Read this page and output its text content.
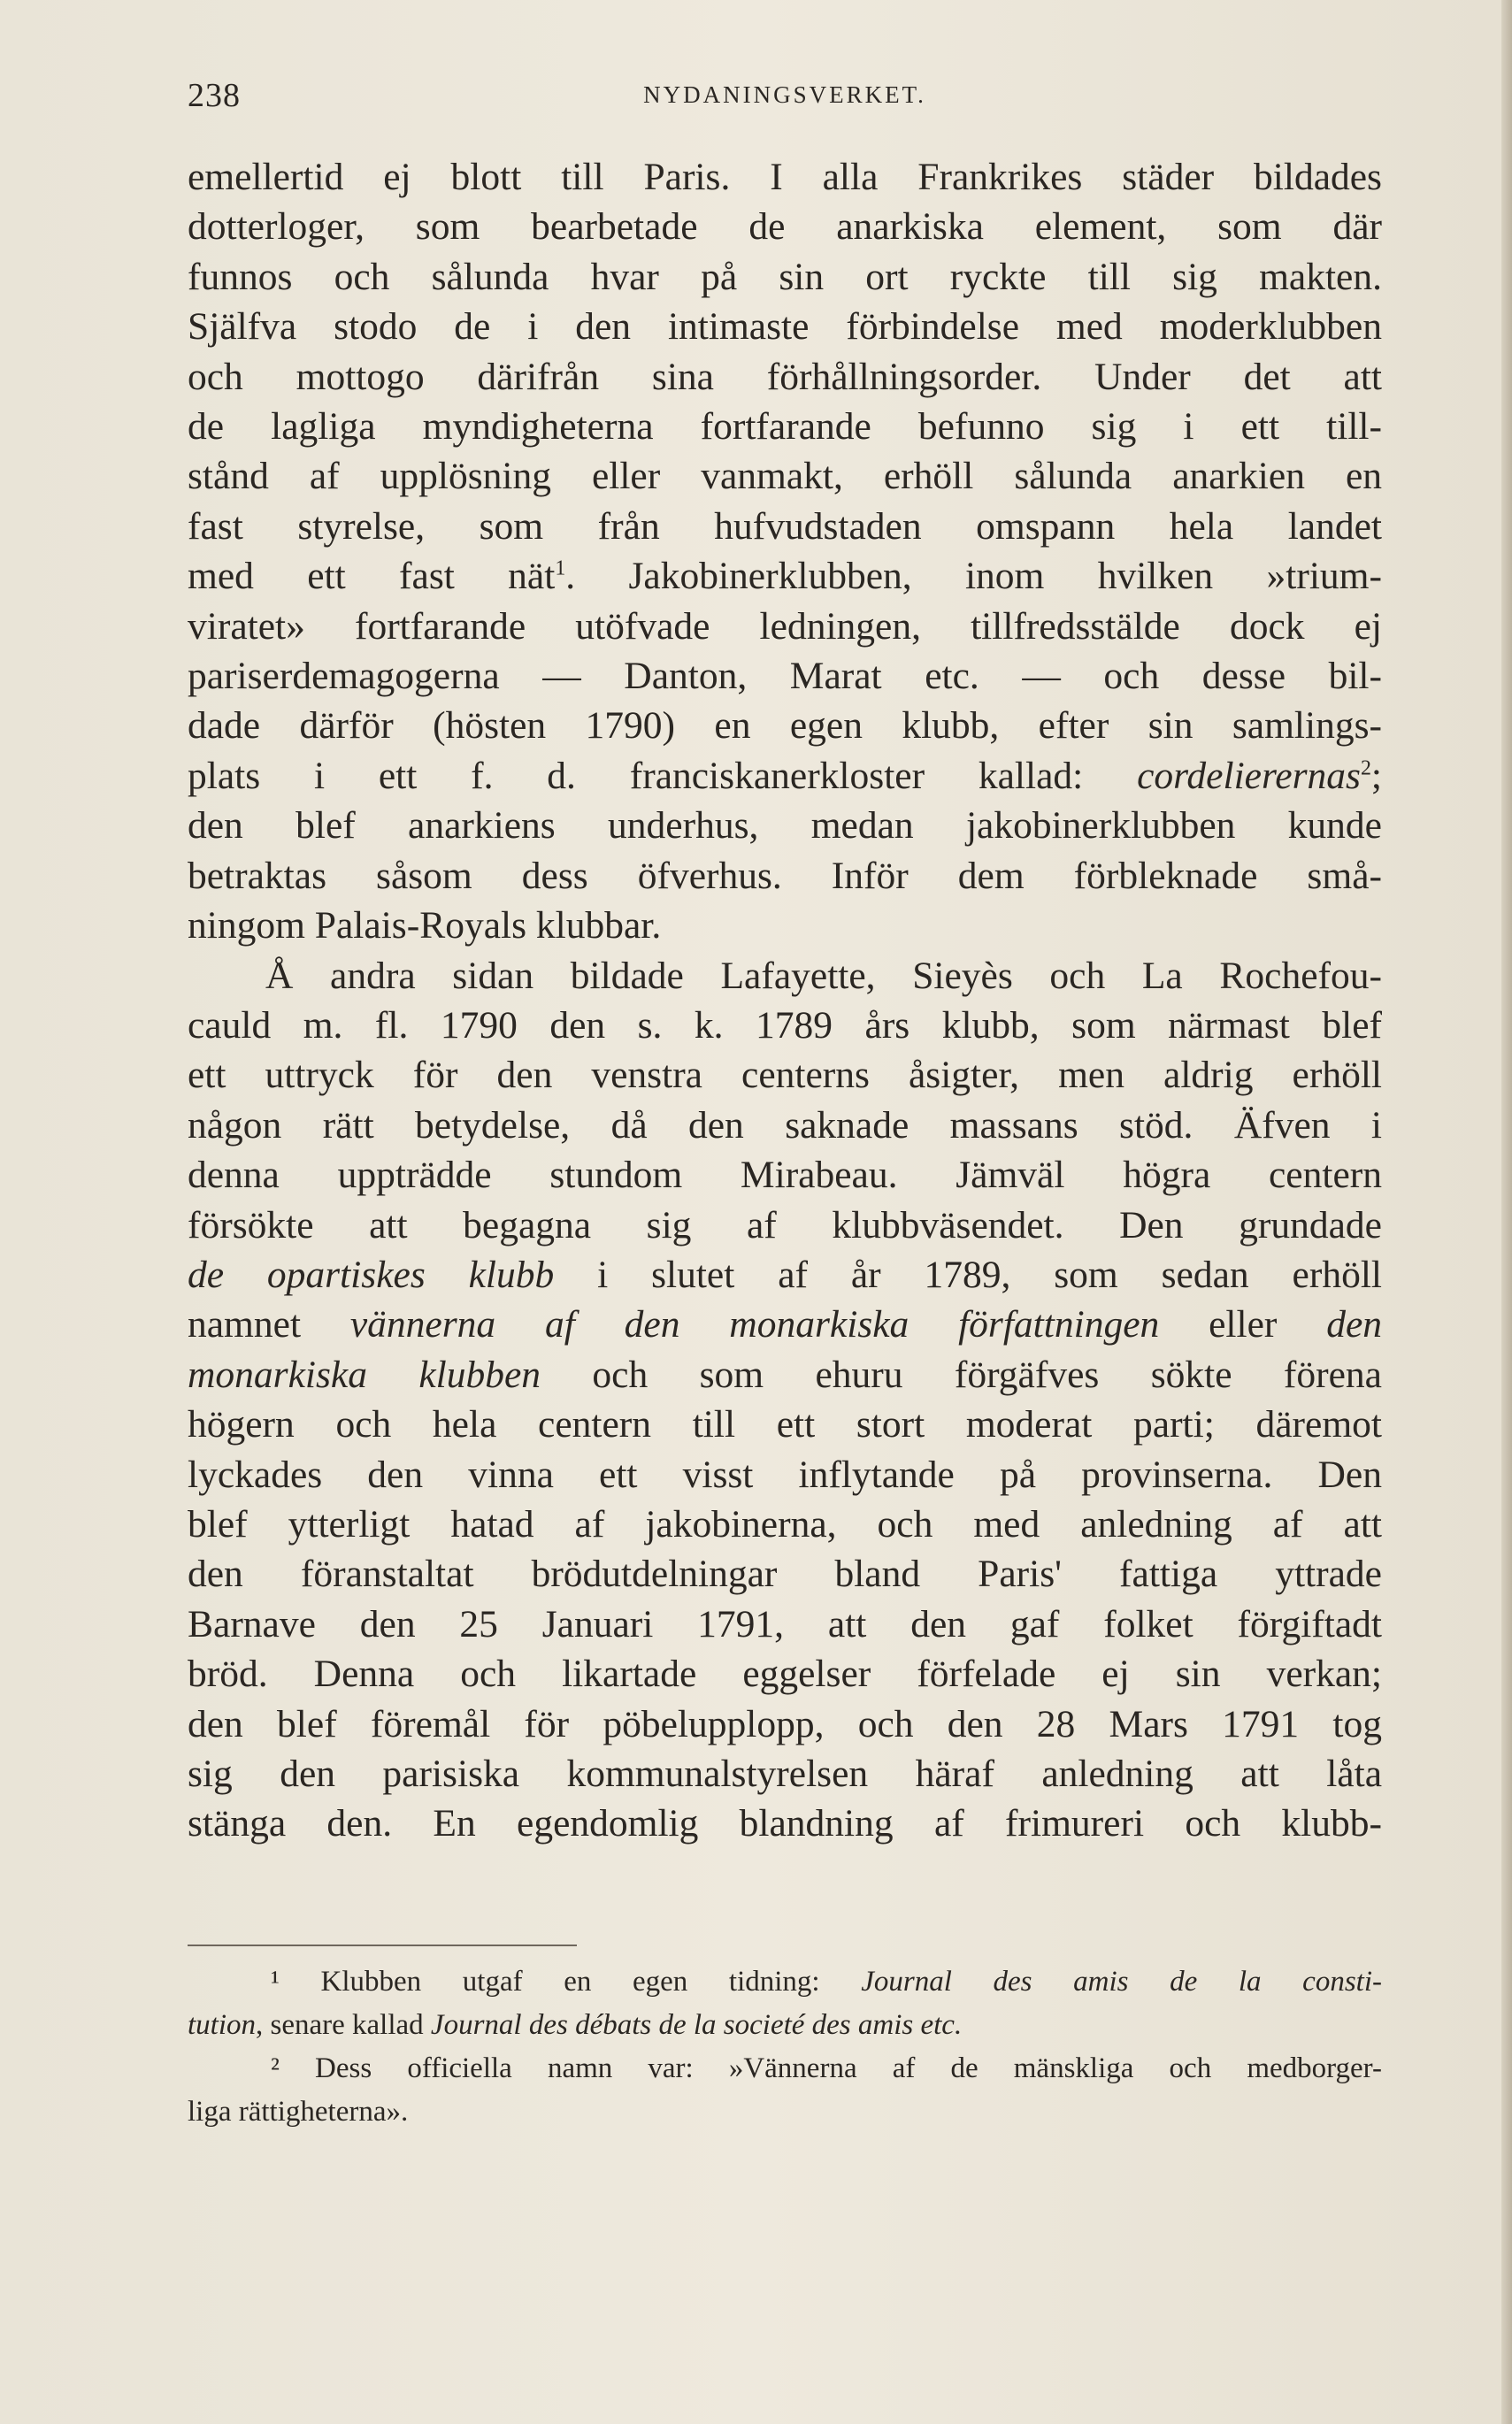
238	NYDANINGSVERKET.
emellertid ej blott till Paris. I alla Frankrikes städer bildades
dotterloger, som bearbetade de anarkiska element, som där
funnos och sålunda hvar på sin ort ryckte till sig makten.
Själfva stodo de i den intimaste förbindelse med moderklubben
och mottogo därifrån sina förhållningsorder. Under det att
de lagliga myndigheterna fortfarande befunno sig i ett till-
stånd af upplösning eller vanmakt, erhöll sålunda anarkien en
fast styrelse, som från hufvudstaden omspann hela landet
med ett fast nät$^1$. Jakobinerklubben, inom hvilken »trium-
viratet» fortfarande utöfvade ledningen, tillfredsstälde dock ej
pariserdemagogerna — Danton, Marat etc. — och desse bil-
dade därför (hösten 1790) en egen klubb, efter sin samlings-
plats i ett f. d. franciskanerkloster kallad: cordelierernas$^2$;
den blef anarkiens underhus, medan jakobinerklubben kunde
betraktas såsom dess öfverhus. Inför dem förbleknade små-
ningom Palais-Royals klubbar.
Å andra sidan bildade Lafayette, Sieyès och La Rochefou-
cauld m. fl. 1790 den s. k. 1789 års klubb, som närmast blef
ett uttryck för den venstra centerns åsigter, men aldrig erhöll
någon rätt betydelse, då den saknade massans stöd. Äfven i
denna uppträdde stundom Mirabeau. Jämväl högra centern
försökte att begagna sig af klubbväsendet. Den grundade
de opartiskes klubb i slutet af år 1789, som sedan erhöll
namnet vännerna af den monarkiska författningen eller den
monarkiska klubben och som ehuru förgäfves sökte förena
högern och hela centern till ett stort moderat parti; däremot
lyckades den vinna ett visst inflytande på provinserna. Den
blef ytterligt hatad af jakobinerna, och med anledning af att
den föranstaltat brödutdelningar bland Paris' fattiga yttrade
Barnave den 25 Januari 1791, att den gaf folket förgiftadt
bröd. Denna och likartade eggelser förfelade ej sin verkan;
den blef föremål för pöbelupplopp, och den 28 Mars 1791 tog
sig den parisiska kommunalstyrelsen häraf anledning att låta
stänga den. En egendomlig blandning af frimureri och klubb-
¹ Klubben utgaf en egen tidning: Journal des amis de la consti-
tution, senare kallad Journal des débats de la societé des amis etc.
² Dess officiella namn var: »Vännerna af de mänskliga och medborger-
liga rättigheterna».
